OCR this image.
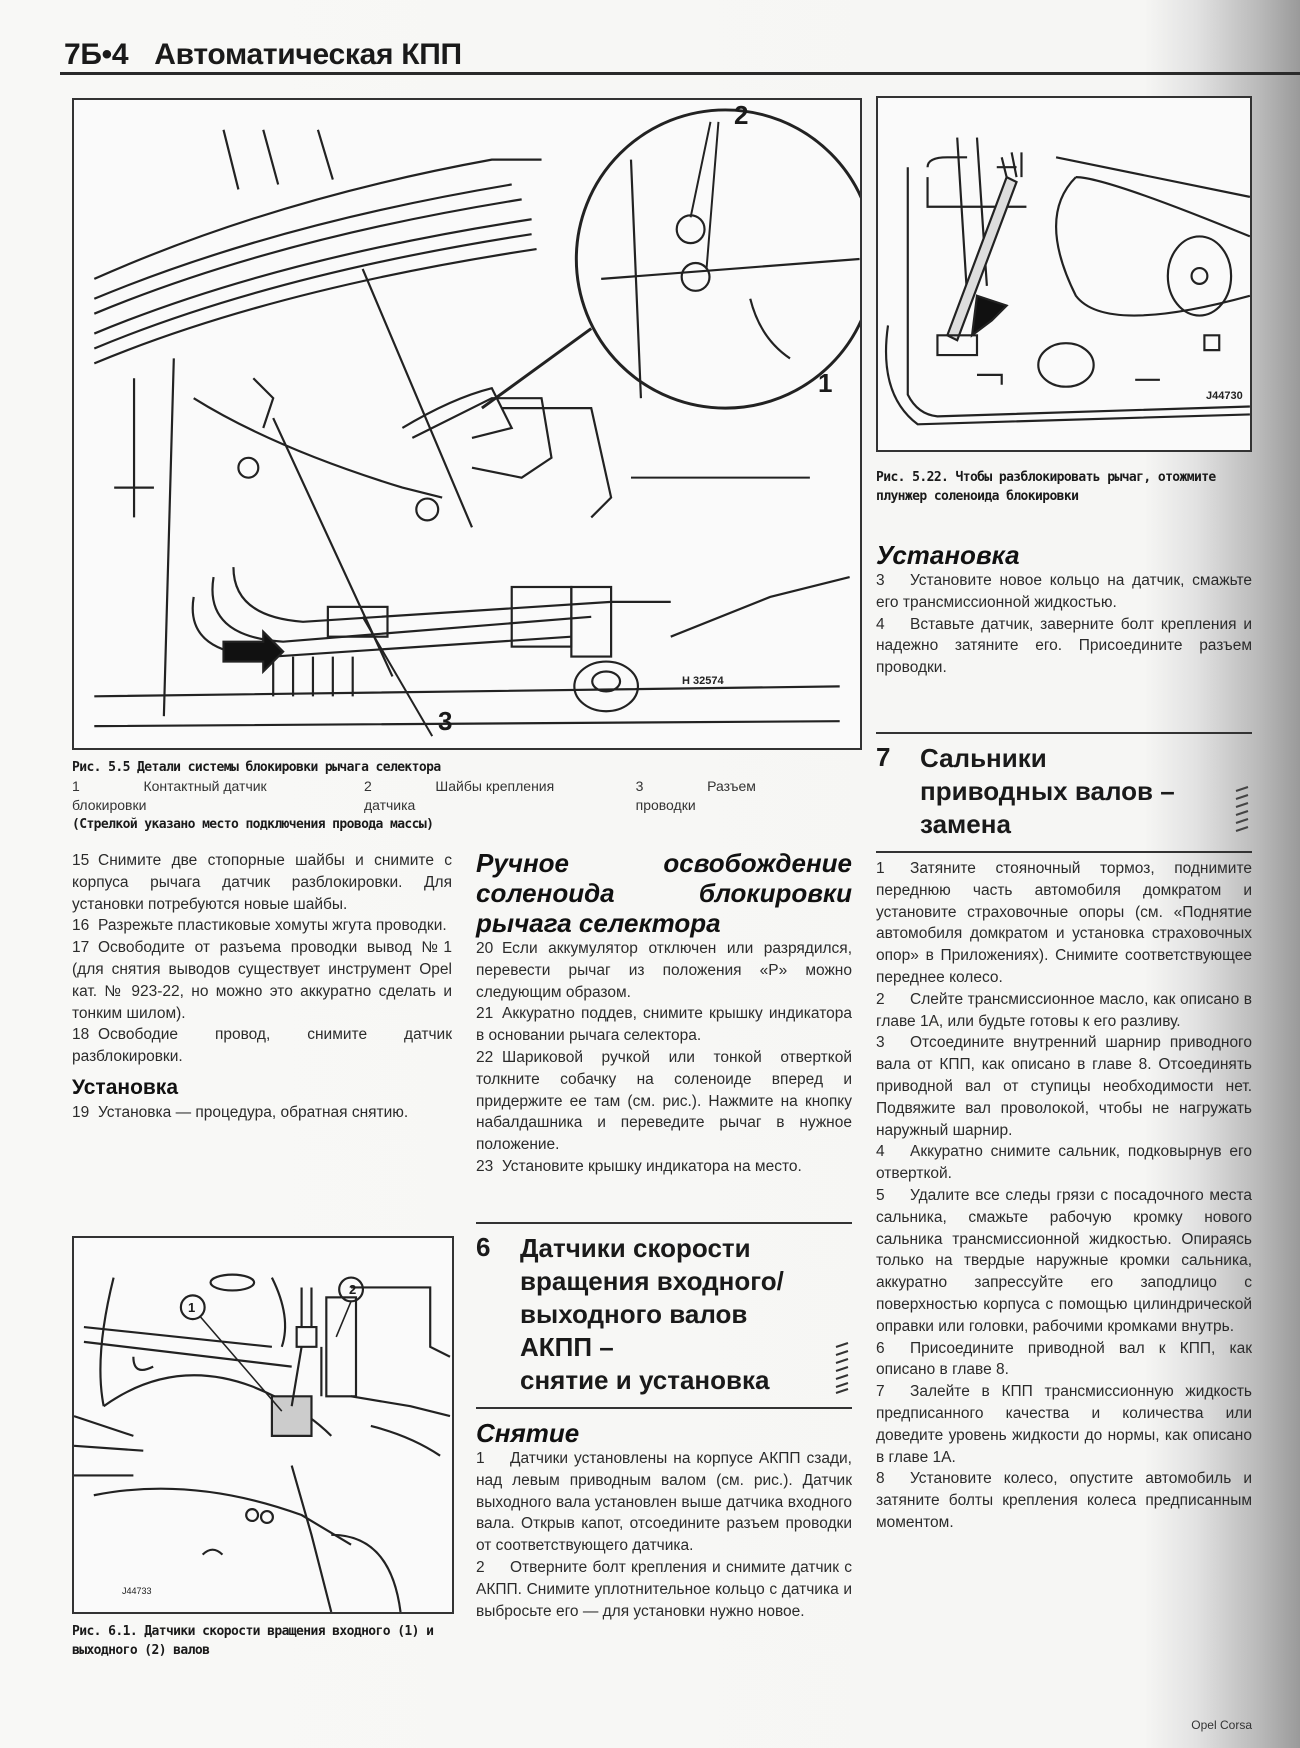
7Б•4 Автоматическая КПП
H 32574
2
1
3
Рис. 5.5 Детали системы блокировки рычага селектора
1	Контактный датчик блокировки
2	Шайбы крепления датчика
3	Разъем проводки
(Стрелкой указано место подключения провода массы)
J44730
Рис. 5.22. Чтобы разблокировать рычаг, отожмите плунжер соленоида блокировки

15 Снимите две стопорные шайбы и снимите с корпуса рычага датчик разблокировки. Для установки потребуются новые шайбы.

16 Разрежьте пластиковые хомуты жгута проводки.

17 Освободите от разъема проводки вывод №1 (для снятия выводов существует инструмент Opel кат. № 923-22, но можно это аккуратно сделать и тонким шилом).

18 Освободие провод, снимите датчик разблокировки.

Установка

19 Установка — процедура, обратная снятию.

1
2
J44733
Рис. 6.1. Датчики скорости вращения входного (1) и выходного (2) валов
Ручное освобождение соленоида блокировки рычага селектора

20 Если аккумулятор отключен или разрядился, перевести рычаг из положения «P» можно следующим образом.

21 Аккуратно поддев, снимите крышку индикатора в основании рычага селектора.

22 Шариковой ручкой или тонкой отверткой толкните собачку на соленоиде вперед и придержите ее там (см. рис.). Нажмите на кнопку набалдашника и переведите рычаг в нужное положение.

23 Установите крышку индикатора на место.

6	Датчики скорости
вращения входного/
выходного валов
АКПП –
снятие и установка
Снятие

1 Датчики установлены на корпусе АКПП сзади, над левым приводным валом (см. рис.). Датчик выходного вала установлен выше датчика входного вала. Открыв капот, отсоедините разъем проводки от соответствующего датчика.

2 Отверните болт крепления и снимите датчик с АКПП. Снимите уплотнительное кольцо с датчика и выбросьте его — для установки нужно новое.

Установка

3 Установите новое кольцо на датчик, смажьте его трансмиссионной жидкостью.

4 Вставьте датчик, заверните болт крепления и надежно затяните его. Присоедините разъем проводки.

7	Сальники
приводных валов –
замена

1 Затяните стояночный тормоз, поднимите переднюю часть автомобиля домкратом и установите страховочные опоры (см. «Поднятие автомобиля домкратом и установка страховочных опор» в Приложениях). Снимите соответствующее переднее колесо.

2 Слейте трансмиссионное масло, как описано в главе 1А, или будьте готовы к его разливу.

3 Отсоедините внутренний шарнир приводного вала от КПП, как описано в главе 8. Отсоединять приводной вал от ступицы необходимости нет. Подвяжите вал проволокой, чтобы не нагружать наружный шарнир.

4 Аккуратно снимите сальник, подковырнув его отверткой.

5 Удалите все следы грязи с посадочного места сальника, смажьте рабочую кромку нового сальника трансмиссионной жидкостью. Опираясь только на твердые наружные кромки сальника, аккуратно запрессуйте его заподлицо с поверхностью корпуса с помощью цилиндрической оправки или головки, рабочими кромками внутрь.

6 Присоедините приводной вал к КПП, как описано в главе 8.

7 Залейте в КПП трансмиссионную жидкость предписанного качества и количества или доведите уровень жидкости до нормы, как описано в главе 1А.

8 Установите колесо, опустите автомобиль и затяните болты крепления колеса предписанным моментом.

Opel Corsa
